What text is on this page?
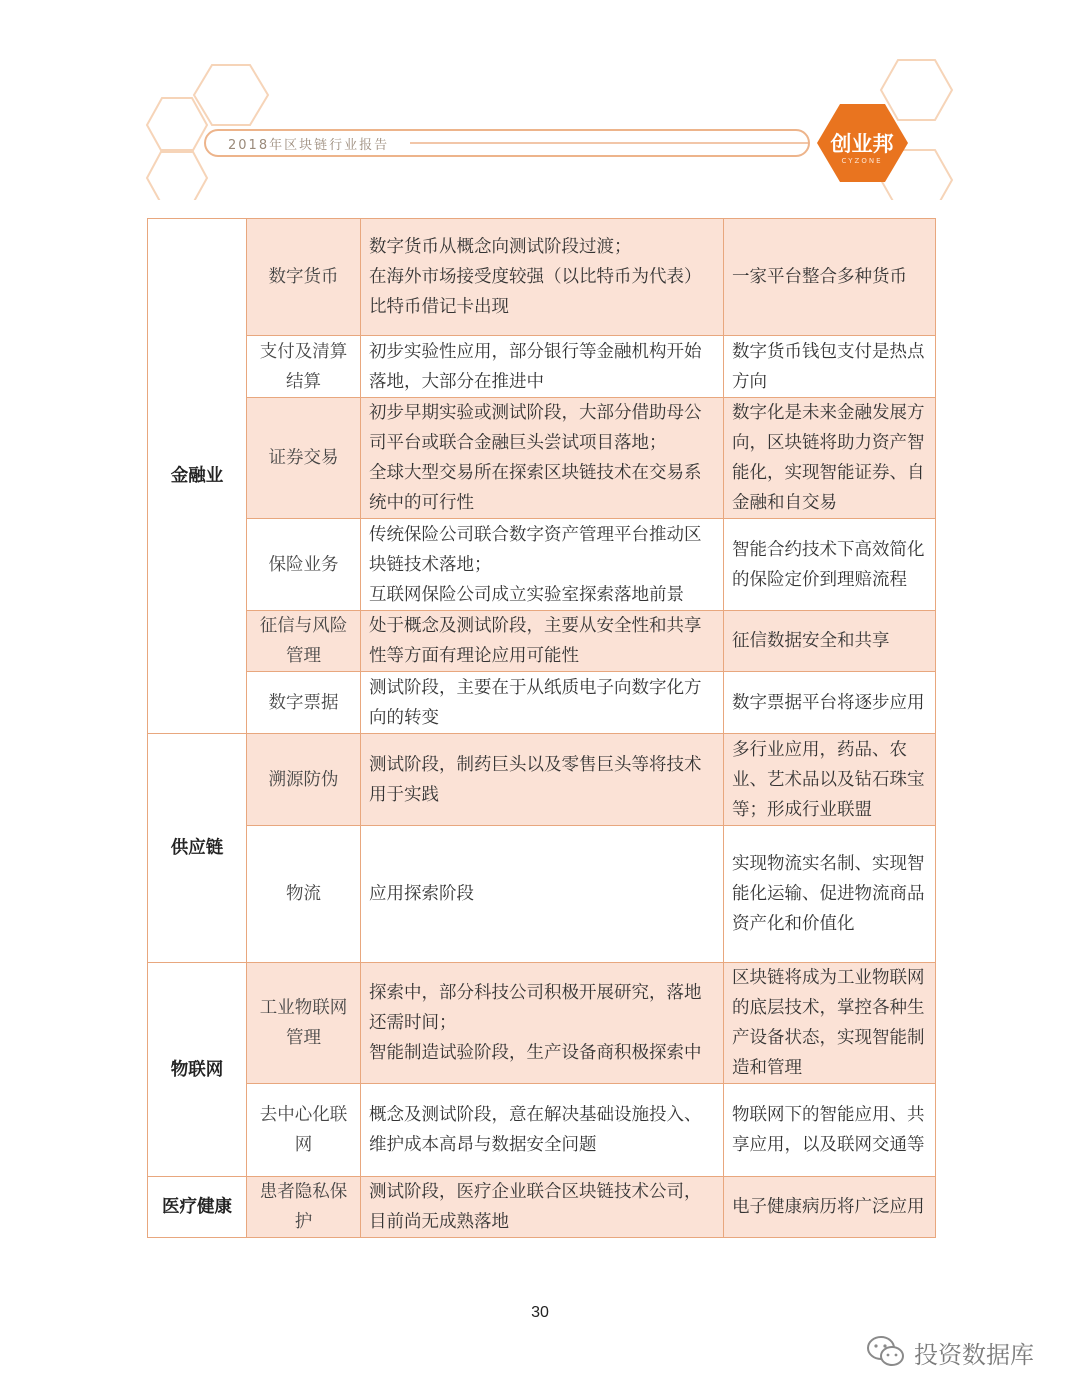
2018年区块链行业报告	创业邦
CYZONE
金融业	数字货币	数字货币从概念向测试阶段过渡；
在海外市场接受度较强（以比特币为代表）
比特币借记卡出现	一家平台整合多种货币
	支付及清算结算	初步实验性应用，部分银行等金融机构开始落地，大部分在推进中	数字货币钱包支付是热点方向
	证券交易	初步早期实验或测试阶段，大部分借助母公司平台或联合金融巨头尝试项目落地；
全球大型交易所在探索区块链技术在交易系统中的可行性	数字化是未来金融发展方向，区块链将助力资产智能化，实现智能证券、自金融和自交易
	保险业务	传统保险公司联合数字资产管理平台推动区块链技术落地；
互联网保险公司成立实验室探索落地前景	智能合约技术下高效简化的保险定价到理赔流程
	征信与风险管理	处于概念及测试阶段，主要从安全性和共享性等方面有理论应用可能性	征信数据安全和共享
	数字票据	测试阶段，主要在于从纸质电子向数字化方向的转变	数字票据平台将逐步应用
供应链	溯源防伪	测试阶段，制药巨头以及零售巨头等将技术用于实践	多行业应用，药品、农业、艺术品以及钻石珠宝等；形成行业联盟
	物流	应用探索阶段	实现物流实名制、实现智能化运输、促进物流商品资产化和价值化
物联网	工业物联网管理	探索中，部分科技公司积极开展研究，落地还需时间；
智能制造试验阶段，生产设备商积极探索中	区块链将成为工业物联网的底层技术，掌控各种生产设备状态，实现智能制造和管理
	去中心化联网	概念及测试阶段，意在解决基础设施投入、维护成本高昂与数据安全问题	物联网下的智能应用、共享应用，以及联网交通等
医疗健康	患者隐私保护	测试阶段，医疗企业联合区块链技术公司，目前尚无成熟落地	电子健康病历将广泛应用
30
投资数据库
